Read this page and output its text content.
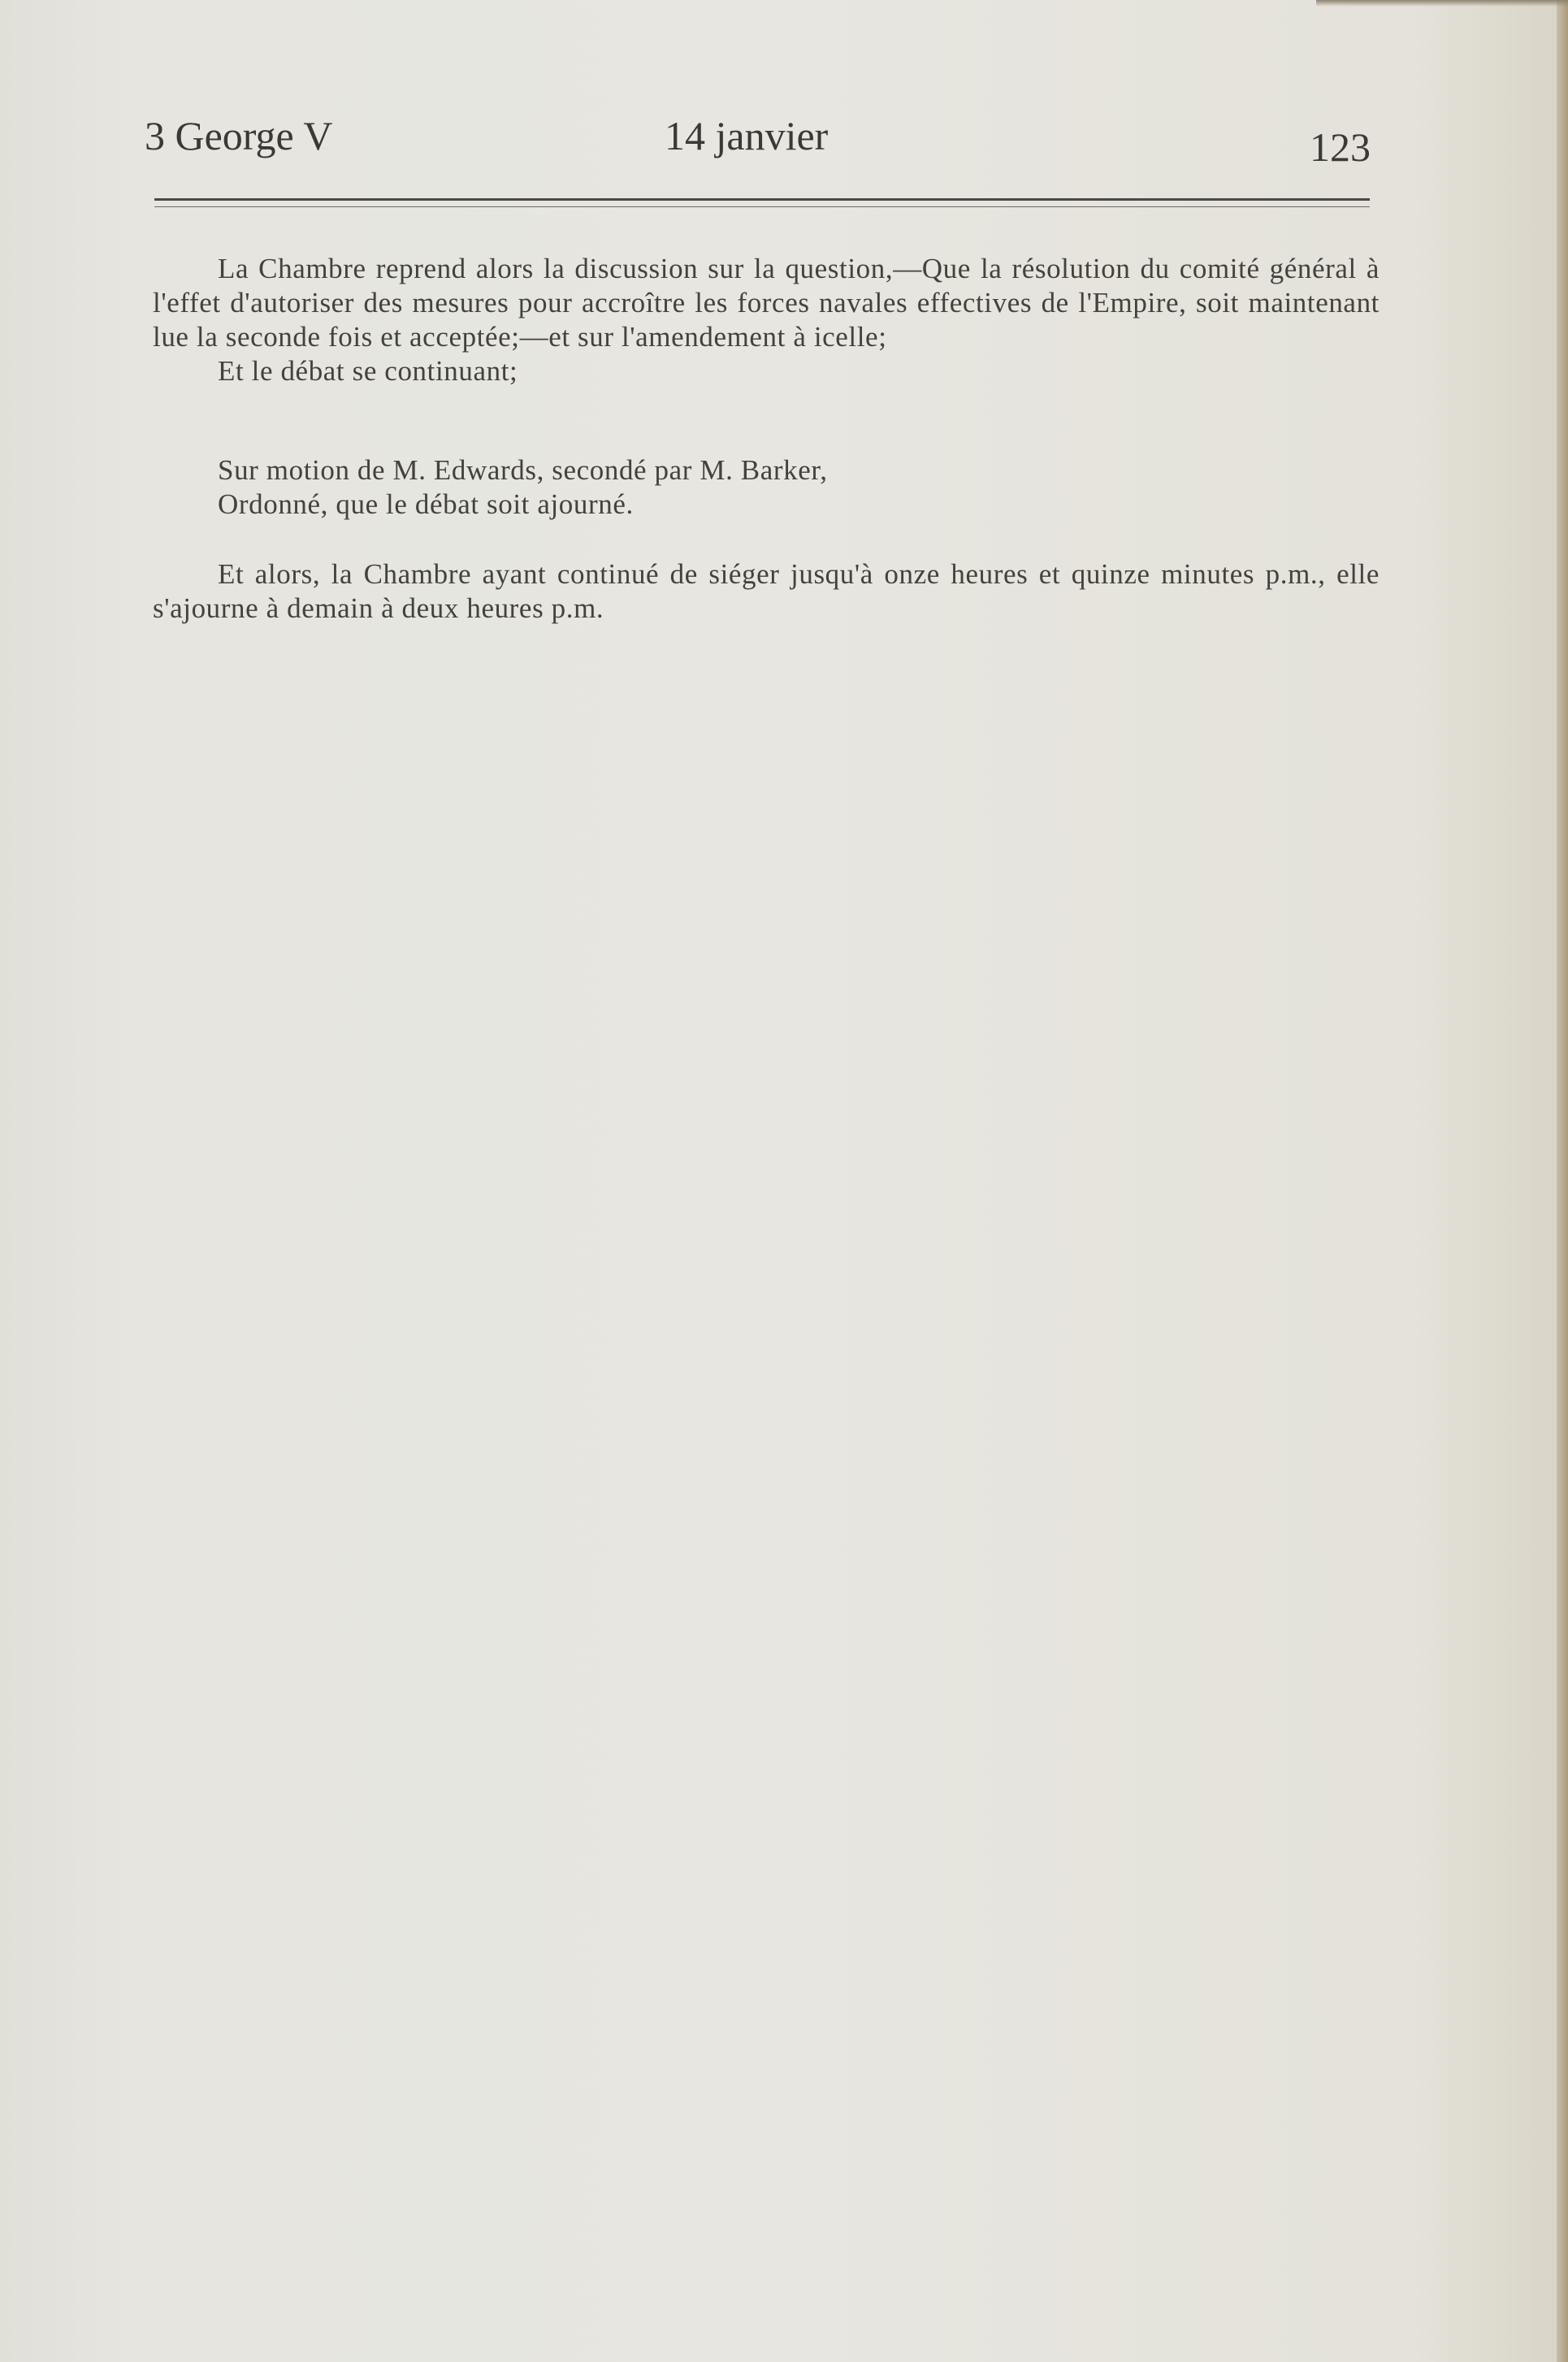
3 George V	14 janvier	123

La Chambre reprend alors la discussion sur la question,—Que la résolution du comité général à l'effet d'autoriser des mesures pour accroître les forces navales effectives de l'Empire, soit maintenant lue la seconde fois et acceptée;—et sur l'amendement à icelle;

Et le débat se continuant;

Sur motion de M. Edwards, secondé par M. Barker,

Ordonné, que le débat soit ajourné.

Et alors, la Chambre ayant continué de siéger jusqu'à onze heures et quinze minutes p.m., elle s'ajourne à demain à deux heures p.m.
